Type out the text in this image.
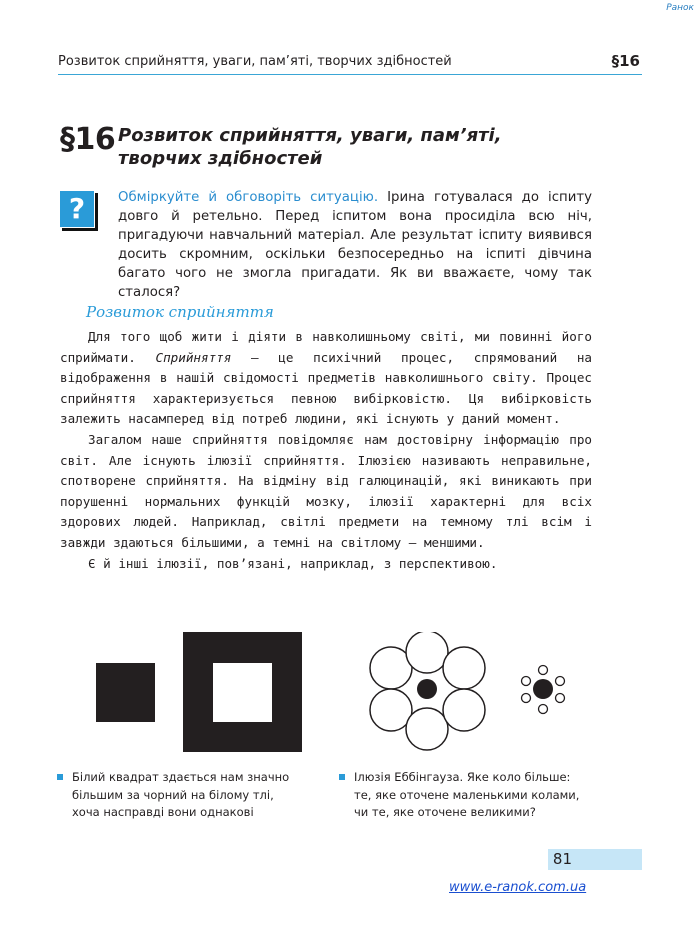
Ранок
Розвиток сприйняття, уваги, пам’яті, творчих здібностей	§16
§16 Розвиток сприйняття, уваги, пам’яті,
творчих здібностей
?	Обміркуйте й обговоріть ситуацію. Ірина готувалася до іспиту довго й ретельно. Перед іспитом вона просиділа всю ніч, пригадуючи навчальний матеріал. Але результат іспиту виявився досить скромним, оскільки безпосередньо на іспиті дівчина багато чого не змогла пригадати. Як ви вважаєте, чому так сталося?
Розвиток сприйняття

Для того щоб жити і діяти в навколишньому світі, ми повинні його сприймати. Сприйняття — це психічний процес, спрямований на відображення в нашій свідомості предметів навколишнього світу. Процес сприйняття характеризується певною вибірковістю. Ця вибірковість залежить насамперед від потреб людини, які існують у даний момент.

Загалом наше сприйняття повідомляє нам достовірну інформацію про світ. Але існують ілюзії сприйняття. Ілюзією називають неправильне, спотворене сприйняття. На відміну від галюцинацій, які виникають при порушенні нормальних функцій мозку, ілюзії характерні для всіх здорових людей. Наприклад, світлі предмети на темному тлі всім і завжди здаються більшими, а темні на світлому — меншими.

Є й інші ілюзії, пов’язані, наприклад, з перспективою.

Білий квадрат здається нам значно
більшим за чорний на білому тлі,
хоча насправді вони однакові
Ілюзія Еббінгауза. Яке коло більше:
те, яке оточене маленькими колами,
чи те, яке оточене великими?
81
www.e-ranok.com.ua
